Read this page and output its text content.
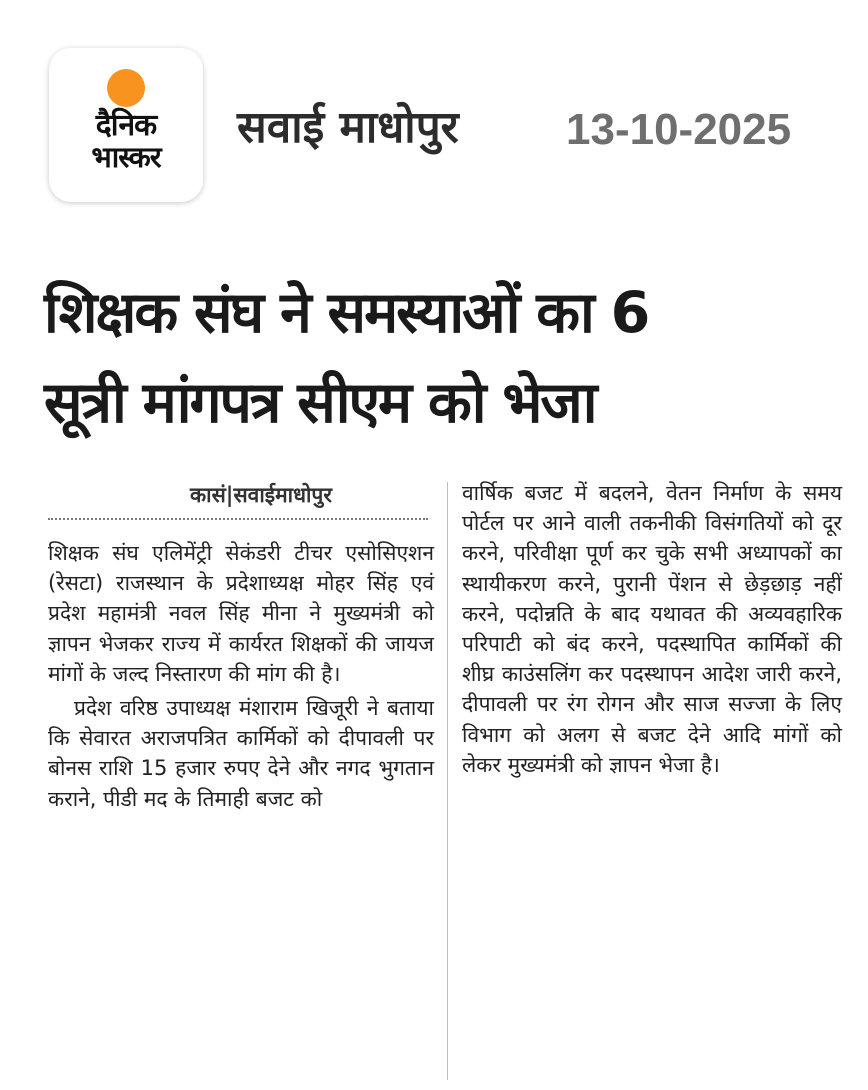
दैनिक
भास्कर
सवाई माधोपुर 13-10-2025
शिक्षक संघ ने समस्याओं का 6
सूत्री मांगपत्र सीएम को भेजा
कासं|सवाईमाधोपुर

शिक्षक संघ एलिमेंट्री सेकंडरी टीचर एसोसिएशन (रेसटा) राजस्थान के प्रदेशाध्यक्ष मोहर सिंह एवं प्रदेश महामंत्री नवल सिंह मीना ने मुख्यमंत्री को ज्ञापन भेजकर राज्य में कार्यरत शिक्षकों की जायज मांगों के जल्द निस्तारण की मांग की है।

प्रदेश वरिष्ठ उपाध्यक्ष मंशाराम खिजूरी ने बताया कि सेवारत अराजपत्रित कार्मिकों को दीपावली पर बोनस राशि 15 हजार रुपए देने और नगद भुगतान कराने, पीडी मद के तिमाही बजट को

वार्षिक बजट में बदलने, वेतन निर्माण के समय पोर्टल पर आने वाली तकनीकी विसंगतियों को दूर करने, परिवीक्षा पूर्ण कर चुके सभी अध्यापकों का स्थायीकरण करने, पुरानी पेंशन से छेड़छाड़ नहीं करने, पदोन्नति के बाद यथावत की अव्यवहारिक परिपाटी को बंद करने, पदस्थापित कार्मिकों की शीघ्र काउंसलिंग कर पदस्थापन आदेश जारी करने, दीपावली पर रंग रोगन और साज सज्जा के लिए विभाग को अलग से बजट देने आदि मांगों को लेकर मुख्यमंत्री को ज्ञापन भेजा है।
